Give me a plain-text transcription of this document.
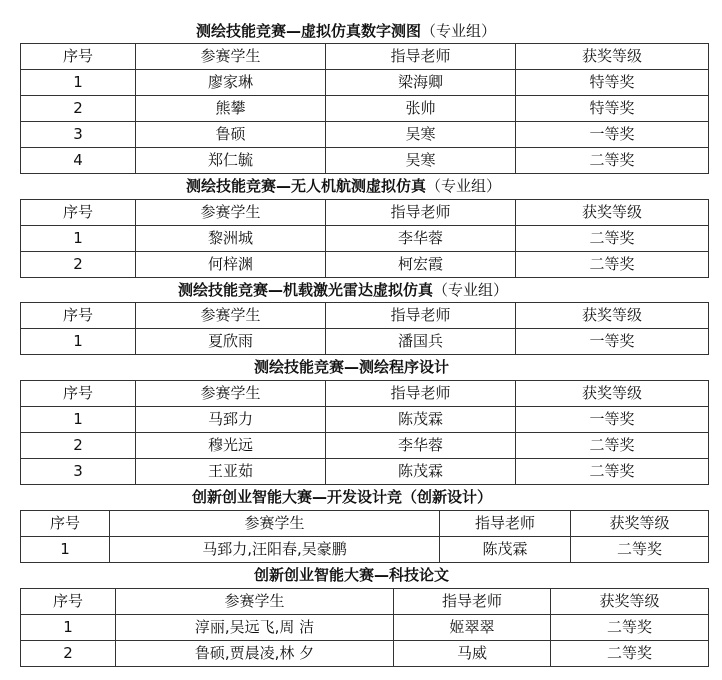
测绘技能竞赛—虚拟仿真数字测图（专业组）
序号	参赛学生	指导老师	获奖等级
1	廖家琳	梁海卿	特等奖
2	熊攀	张帅	特等奖
3	鲁硕	吴寒	一等奖
4	郑仁毓	吴寒	二等奖
测绘技能竞赛—无人机航测虚拟仿真（专业组）
序号	参赛学生	指导老师	获奖等级
1	黎洲城	李华蓉	二等奖
2	何梓渊	柯宏霞	二等奖
测绘技能竞赛—机载激光雷达虚拟仿真（专业组）
序号	参赛学生	指导老师	获奖等级
1	夏欣雨	潘国兵	一等奖
测绘技能竞赛—测绘程序设计
序号	参赛学生	指导老师	获奖等级
1	马郅力	陈茂霖	一等奖
2	穆光远	李华蓉	二等奖
3	王亚茹	陈茂霖	二等奖
创新创业智能大赛—开发设计竞（创新设计）
序号	参赛学生	指导老师	获奖等级
1	马郅力,汪阳春,吴豪鹏	陈茂霖	二等奖
创新创业智能大赛—科技论文
序号	参赛学生	指导老师	获奖等级
1	淳丽,吴远飞,周 洁	姬翠翠	二等奖
2	鲁硕,贾晨凌,林 夕	马威	二等奖
